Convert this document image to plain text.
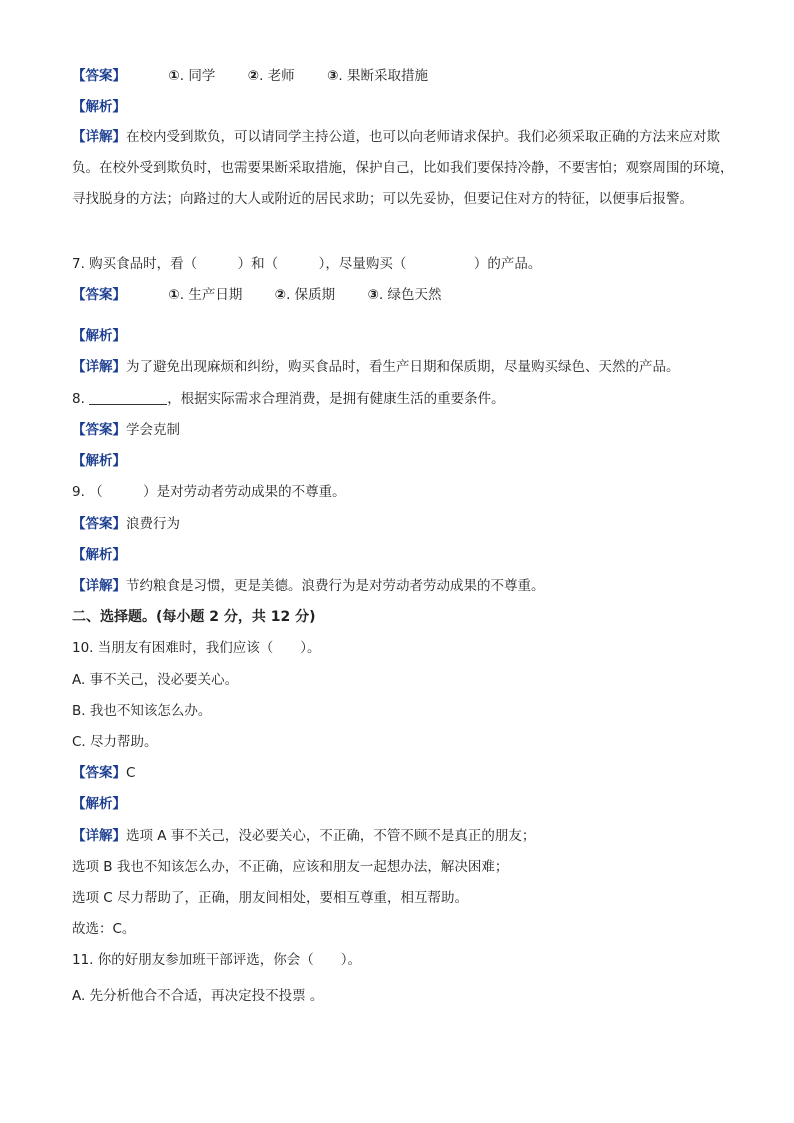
【答案】	①. 同学 ②. 老师 ③. 果断采取措施
【解析】
【详解】在校内受到欺负，可以请同学主持公道，也可以向老师请求保护。我们必须采取正确的方法来应对欺负。在校外受到欺负时，也需要果断采取措施，保护自己，比如我们要保持冷静，不要害怕；观察周围的环境，寻找脱身的方法；向路过的大人或附近的居民求助；可以先妥协，但要记住对方的特征，以便事后报警。
7. 购买食品时，看（　　　）和（　　　），尽量购买（　　　　　）的产品。
【答案】	①. 生产日期 ②. 保质期 ③. 绿色天然
【解析】
【详解】为了避免出现麻烦和纠纷，购买食品时，看生产日期和保质期，尽量购买绿色、天然的产品。
8.	，根据实际需求合理消费，是拥有健康生活的重要条件。
【答案】学会克制
【解析】
9. （　　　）是对劳动者劳动成果的不尊重。
【答案】浪费行为
【解析】
【详解】节约粮食是习惯，更是美德。浪费行为是对劳动者劳动成果的不尊重。
二、选择题。(每小题 2 分，共 12 分)
10. 当朋友有困难时，我们应该（　　）。
A. 事不关己，没必要关心。
B. 我也不知该怎么办。
C. 尽力帮助。
【答案】C
【解析】
【详解】选项 A 事不关己，没必要关心，不正确，不管不顾不是真正的朋友；
选项 B 我也不知该怎么办，不正确，应该和朋友一起想办法，解决困难；
选项 C 尽力帮助了，正确，朋友间相处，要相互尊重，相互帮助。
故选：C。
11. 你的好朋友参加班干部评选，你会（　　）。
A. 先分析他合不合适，再决定投不投票 。
